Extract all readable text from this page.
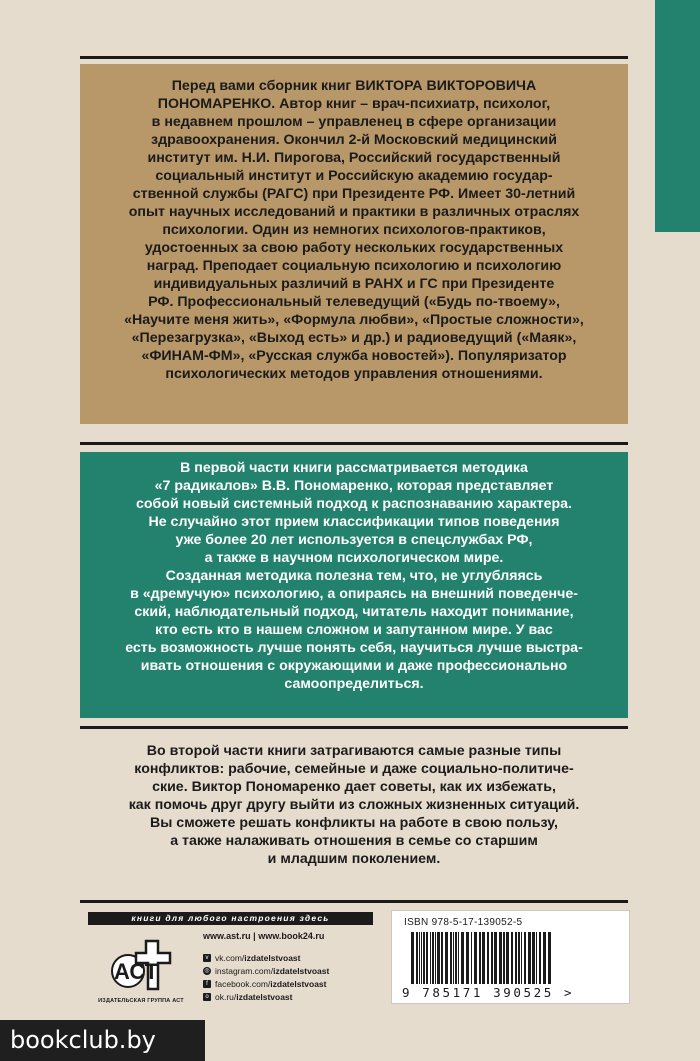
Перед вами сборник книг ВИКТОРА ВИКТОРОВИЧА
ПОНОМАРЕНКО. Автор книг – врач-психиатр, психолог,
в недавнем прошлом – управленец в сфере организации
здравоохранения. Окончил 2-й Московский медицинский
институт им. Н.И. Пирогова, Российский государственный
социальный институт и Российскую академию государ-
ственной службы (РАГС) при Президенте РФ. Имеет 30-летний
опыт научных исследований и практики в различных отраслях
психологии. Один из немногих психологов-практиков,
удостоенных за свою работу нескольких государственных
наград. Преподает социальную психологию и психологию
индивидуальных различий в РАНХ и ГС при Президенте
РФ. Профессиональный телеведущий («Будь по-твоему»,
«Научите меня жить», «Формула любви», «Простые сложности»,
«Перезагрузка», «Выход есть» и др.) и радиоведущий («Маяк»,
«ФИНАМ-ФМ», «Русская служба новостей»). Популяризатор
психологических методов управления отношениями.
В первой части книги рассматривается методика
«7 радикалов» В.В. Пономаренко, которая представляет
собой новый системный подход к распознаванию характера.
Не случайно этот прием классификации типов поведения
уже более 20 лет используется в спецслужбах РФ,
а также в научном психологическом мире.
Созданная методика полезна тем, что, не углубляясь
в «дремучую» психологию, а опираясь на внешний поведенче-
ский, наблюдательный подход, читатель находит понимание,
кто есть кто в нашем сложном и запутанном мире. У вас
есть возможность лучше понять себя, научиться лучше выстра-
ивать отношения с окружающими и даже профессионально
самоопределиться.
Во второй части книги затрагиваются самые разные типы
конфликтов: рабочие, семейные и даже социально-политиче-
ские. Виктор Пономаренко дает советы, как их избежать,
как помочь друг другу выйти из сложных жизненных ситуаций.
Вы сможете решать конфликты на работе в свою пользу,
а также налаживать отношения в семье со старшим
и младшим поколением.
книги для любого настроения здесь
АСТ
ИЗДАТЕЛЬСКАЯ ГРУППА АСТ
www.ast.ru | www.book24.ru
v vk.com/ izdatelstvoast
◎ instagram.com/ izdatelstvoast
f facebook.com/ izdatelstvoast
o ok.ru/ izdatelstvoast
ISBN 978-5-17-139052-5
9 785171 390525 >
bookclub.by
